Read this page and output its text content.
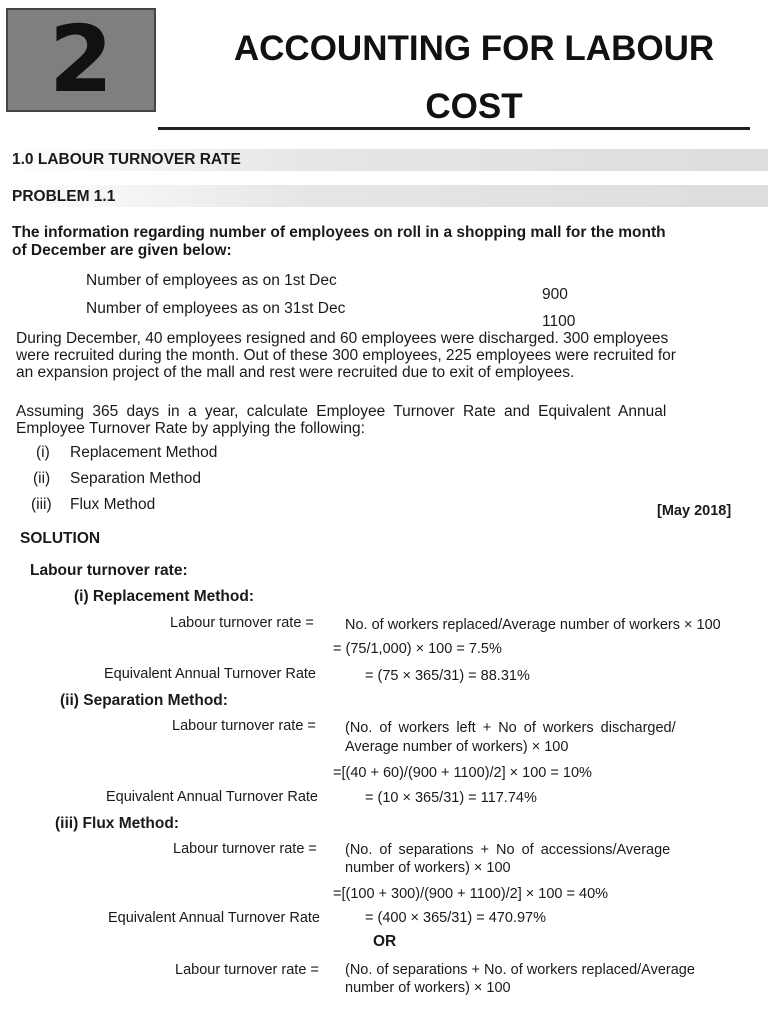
2	ACCOUNTING FOR LABOUR
COST
1.0 LABOUR TURNOVER RATE
PROBLEM 1.1
The information regarding number of employees on roll in a shopping mall for the month
of December are given below:
Number of employees as on 1st Dec
900
Number of employees as on 31st Dec
1100
During December, 40 employees resigned and 60 employees were discharged. 300 employees
were recruited during the month. Out of these 300 employees, 225 employees were recruited for
an expansion project of the mall and rest were recruited due to exit of employees.
Assuming 365 days in a year, calculate Employee Turnover Rate and Equivalent Annual
Employee Turnover Rate by applying the following:
(i) Replacement Method
(ii) Separation Method
(iii) Flux Method	[May 2018]
SOLUTION
Labour turnover rate:
(i) Replacement Method:
Labour turnover rate = No. of workers replaced/Average number of workers × 100
= (75/1,000) × 100 = 7.5%
Equivalent Annual Turnover Rate	= (75 × 365/31) = 88.31%
(ii) Separation Method:
Labour turnover rate = (No. of workers left + No of workers discharged/
Average number of workers) × 100
=[(40 + 60)/(900 + 1100)/2] × 100 = 10%
Equivalent Annual Turnover Rate	= (10 × 365/31) = 117.74%
(iii) Flux Method:
Labour turnover rate = (No. of separations + No of accessions/Average
number of workers) × 100
=[(100 + 300)/(900 + 1100)/2] × 100 = 40%
Equivalent Annual Turnover Rate	= (400 × 365/31) = 470.97%
OR
Labour turnover rate = (No. of separations + No. of workers replaced/Average
number of workers) × 100
